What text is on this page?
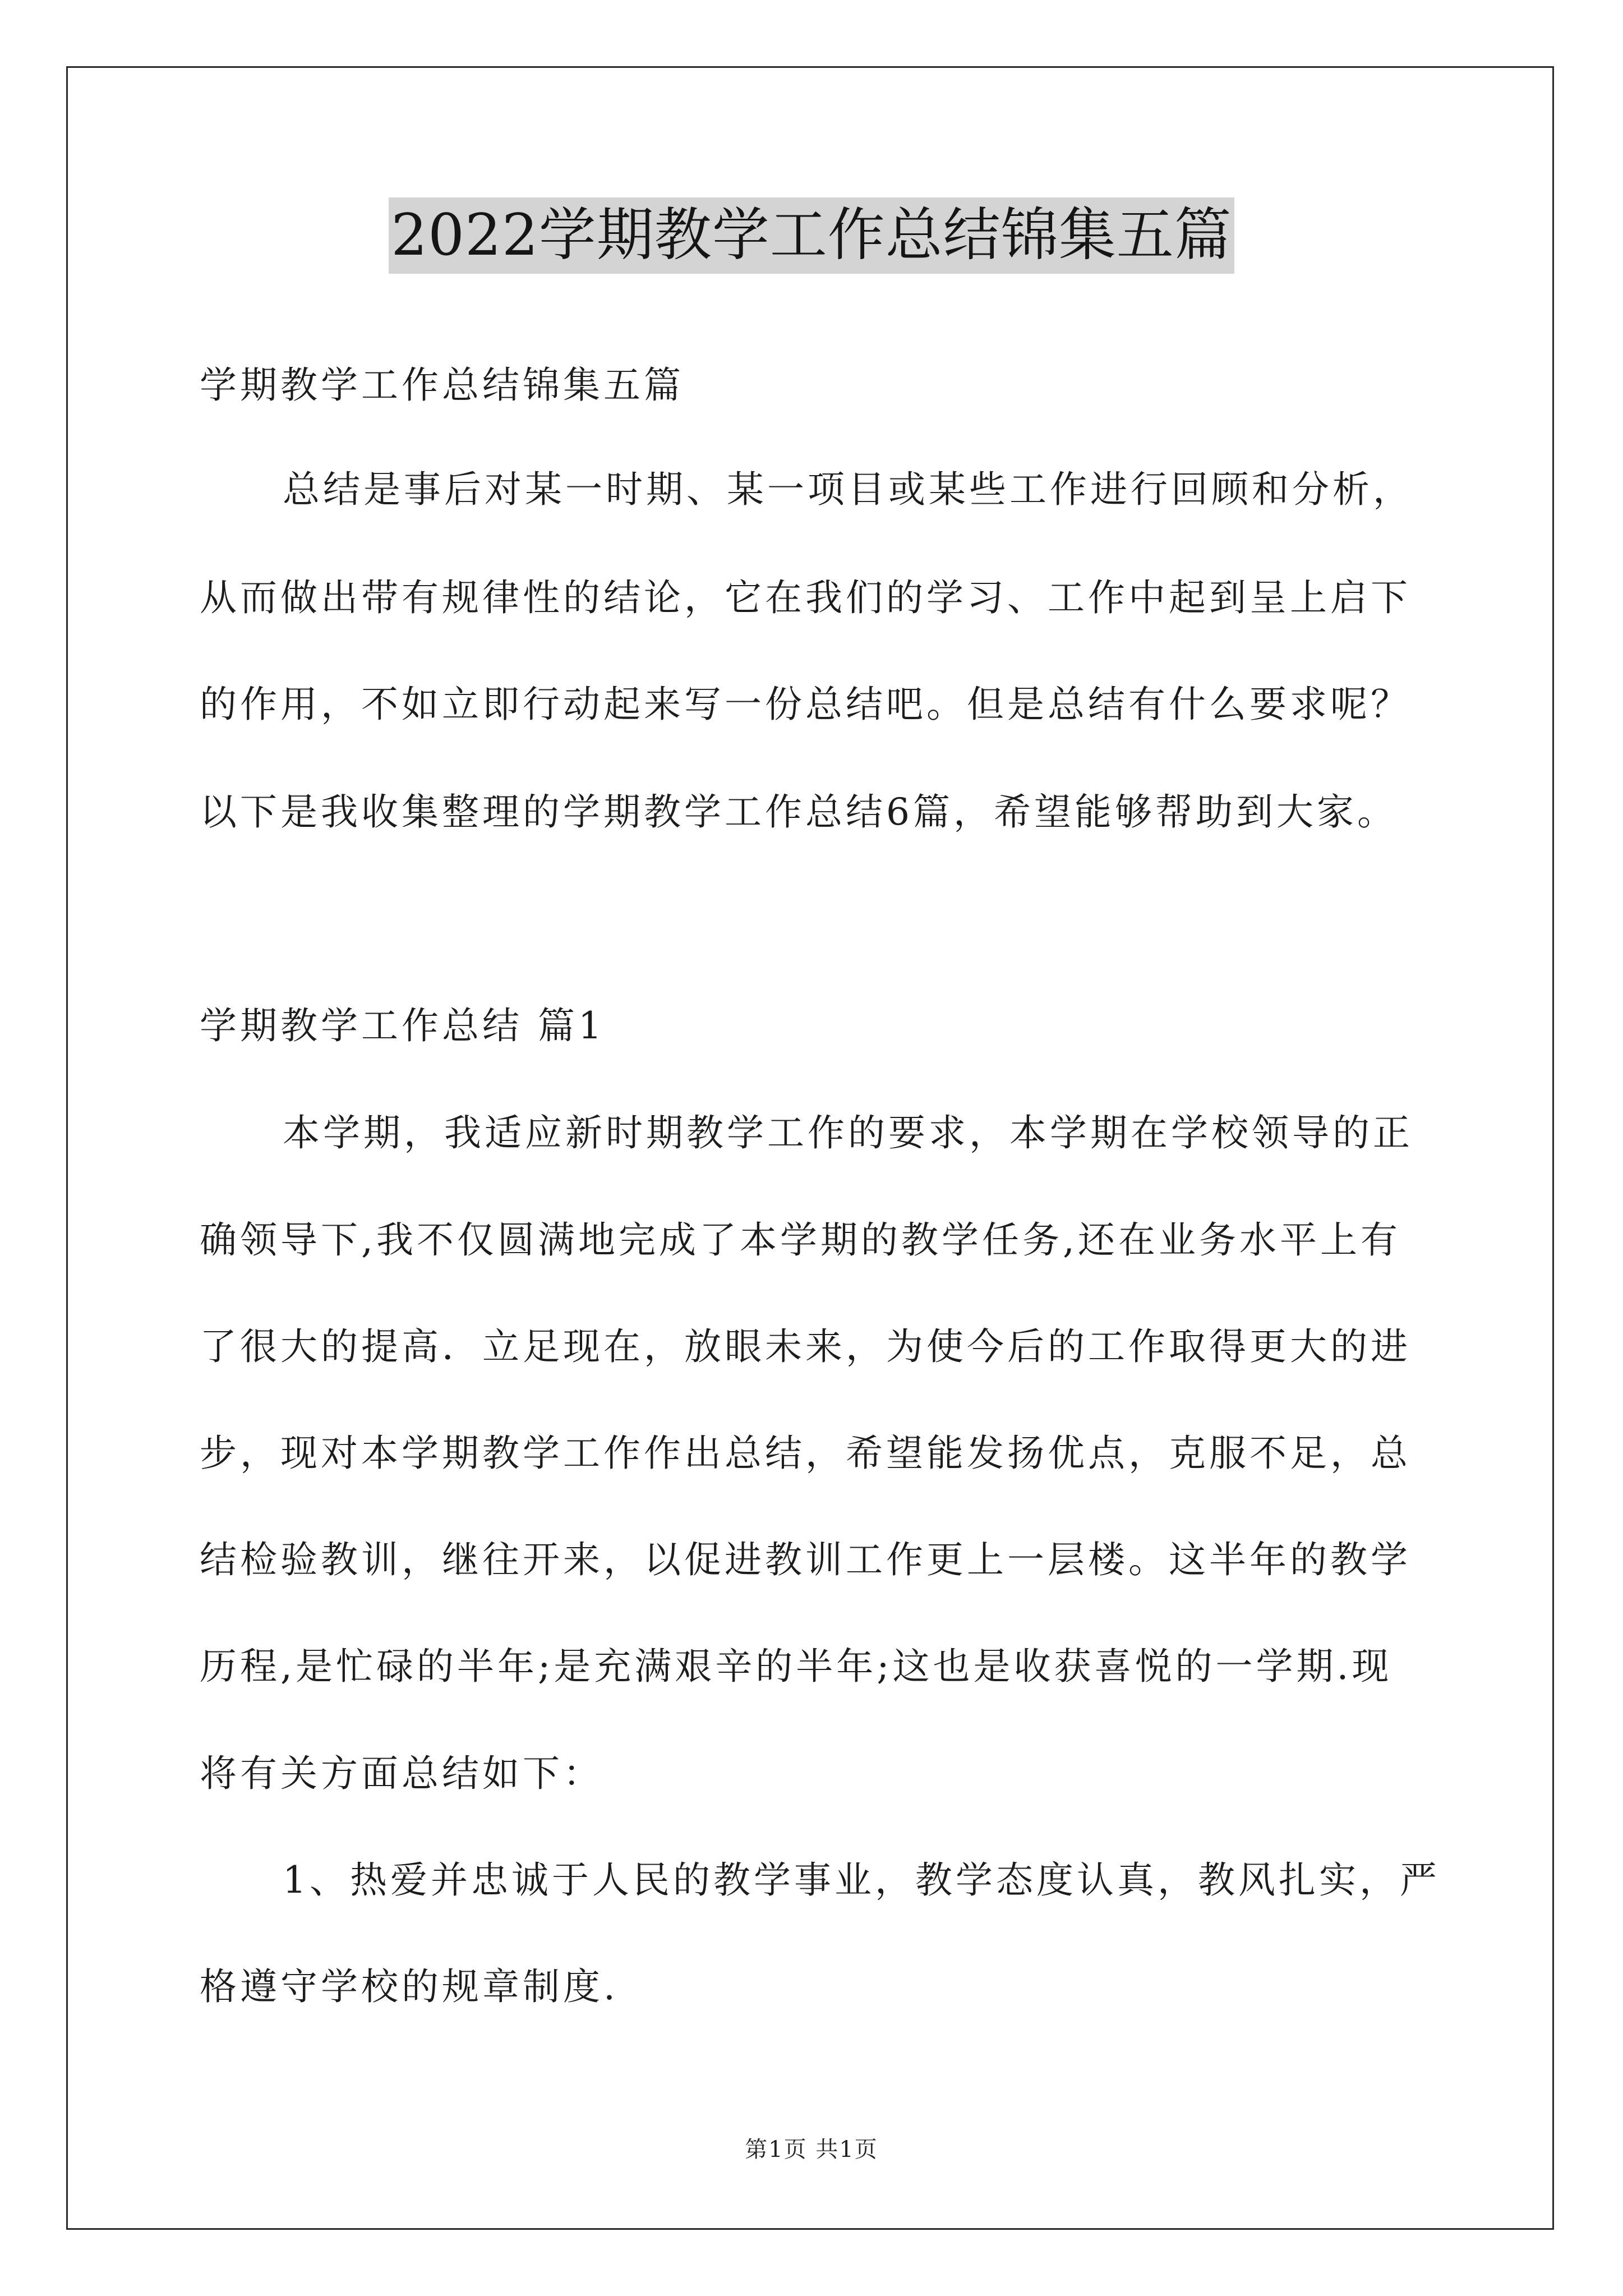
2022学期教学工作总结锦集五篇
学期教学工作总结锦集五篇
总结是事后对某一时期、某一项目或某些工作进行回顾和分析，
从而做出带有规律性的结论，它在我们的学习、工作中起到呈上启下
的作用，不如立即行动起来写一份总结吧。但是总结有什么要求呢？
以下是我收集整理的学期教学工作总结6篇，希望能够帮助到大家。
学期教学工作总结 篇1
本学期，我适应新时期教学工作的要求，本学期在学校领导的正
确领导下,我不仅圆满地完成了本学期的教学任务,还在业务水平上有
了很大的提高．立足现在，放眼未来，为使今后的工作取得更大的进
步，现对本学期教学工作作出总结，希望能发扬优点，克服不足，总
结检验教训，继往开来，以促进教训工作更上一层楼。这半年的教学
历程,是忙碌的半年;是充满艰辛的半年;这也是收获喜悦的一学期.现
将有关方面总结如下：
1、热爱并忠诚于人民的教学事业，教学态度认真，教风扎实，严
格遵守学校的规章制度.
第1页 共1页
